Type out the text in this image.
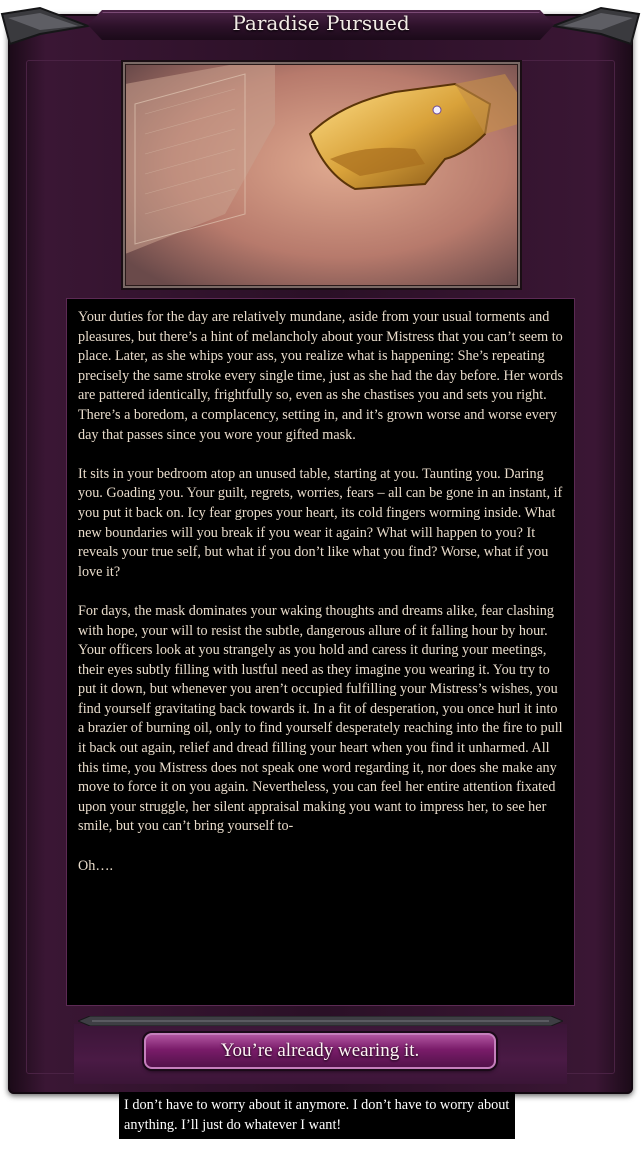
Paradise Pursued

Your duties for the day are relatively mundane, aside from your usual torments and pleasures, but there’s a hint of melancholy about your Mistress that you can’t seem to place. Later, as she whips your ass, you realize what is happening: She’s repeating precisely the same stroke every single time, just as she had the day before. Her words are pattered identically, frightfully so, even as she chastises you and sets you right. There’s a boredom, a complacency, setting in, and it’s grown worse and worse every day that passes since you wore your gifted mask.

It sits in your bedroom atop an unused table, starting at you. Taunting you. Daring you. Goading you. Your guilt, regrets, worries, fears – all can be gone in an instant, if you put it back on. Icy fear gropes your heart, its cold fingers worming inside. What new boundaries will you break if you wear it again? What will happen to you? It reveals your true self, but what if you don’t like what you find? Worse, what if you love it?

For days, the mask dominates your waking thoughts and dreams alike, fear clashing with hope, your will to resist the subtle, dangerous allure of it falling hour by hour. Your officers look at you strangely as you hold and caress it during your meetings, their eyes subtly filling with lustful need as they imagine you wearing it. You try to put it down, but whenever you aren’t occupied fulfilling your Mistress’s wishes, you find yourself gravitating back towards it. In a fit of desperation, you once hurl it into a brazier of burning oil, only to find yourself desperately reaching into the fire to pull it back out again, relief and dread filling your heart when you find it unharmed. All this time, you Mistress does not speak one word regarding it, nor does she make any move to force it on you again. Nevertheless, you can feel her entire attention fixated upon your struggle, her silent appraisal making you want to impress her, to see her smile, but you can’t bring yourself to-

Oh….

You’re already wearing it.
I don’t have to worry about it anymore. I don’t have to worry about anything. I’ll just do whatever I want!
